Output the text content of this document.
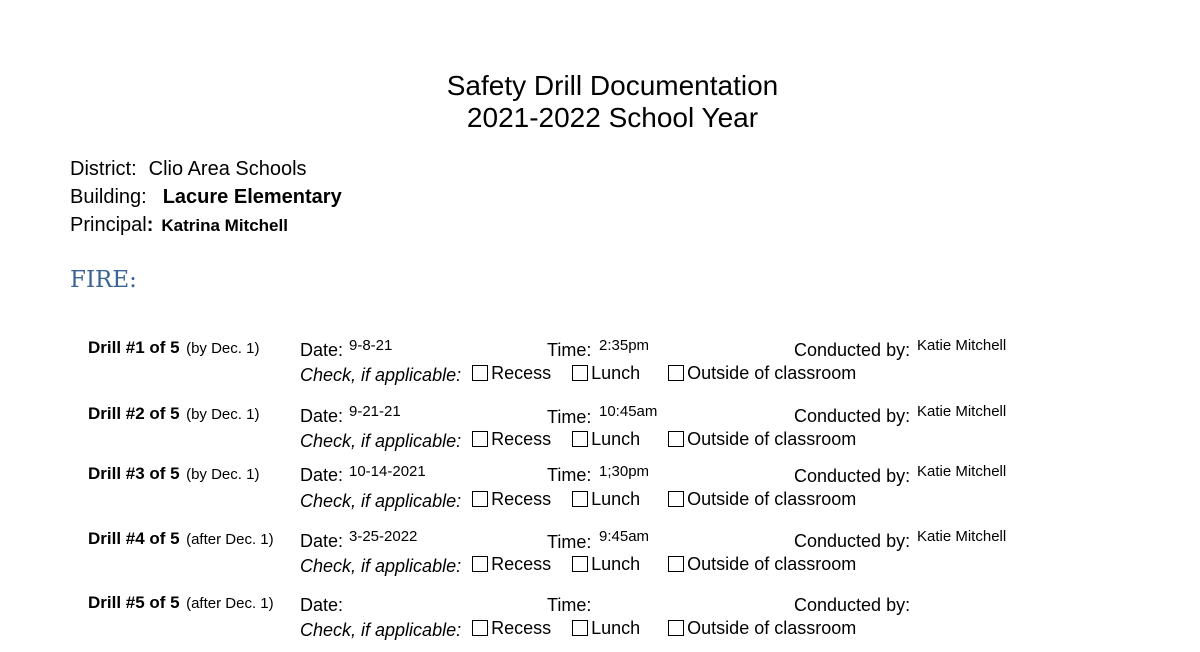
Safety Drill Documentation
2021-2022 School Year
District: Clio Area Schools
Building: Lacure Elementary
Principal: Katrina Mitchell
FIRE:
Drill #1 of 5 (by Dec. 1) Date: 9-8-21	Time: 2:35pm	Conducted by: Katie Mitchell
Check, if applicable: Recess Lunch	Outside of classroom
Drill #2 of 5 (by Dec. 1) Date: 9-21-21	Time: 10:45am	Conducted by: Katie Mitchell
Check, if applicable: Recess Lunch	Outside of classroom
Drill #3 of 5 (by Dec. 1) Date: 10-14-2021	Time: 1;30pm	Conducted by: Katie Mitchell
Check, if applicable: Recess Lunch	Outside of classroom
Drill #4 of 5 (after Dec. 1) Date: 3-25-2022	Time: 9:45am	Conducted by: Katie Mitchell
Check, if applicable: Recess Lunch	Outside of classroom
Drill #5 of 5 (after Dec. 1) Date:	Time:	Conducted by:
Check, if applicable: Recess Lunch	Outside of classroom
